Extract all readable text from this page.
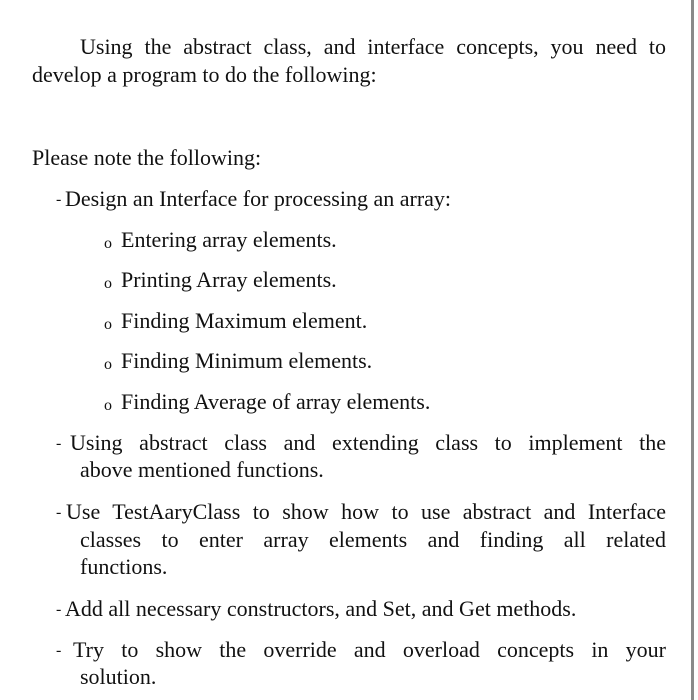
Using the abstract class, and interface concepts, you need to
develop a program to do the following:
Please note the following:
- Design an Interface for processing an array:
o Entering array elements.
o Printing Array elements.
o Finding Maximum element.
o Finding Minimum elements.
o Finding Average of array elements.
- Using abstract class and extending class to implement the
above mentioned functions.
- Use TestAaryClass to show how to use abstract and Interface
classes to enter array elements and finding all related
functions.
- Add all necessary constructors, and Set, and Get methods.
- Try to show the override and overload concepts in your
solution.
